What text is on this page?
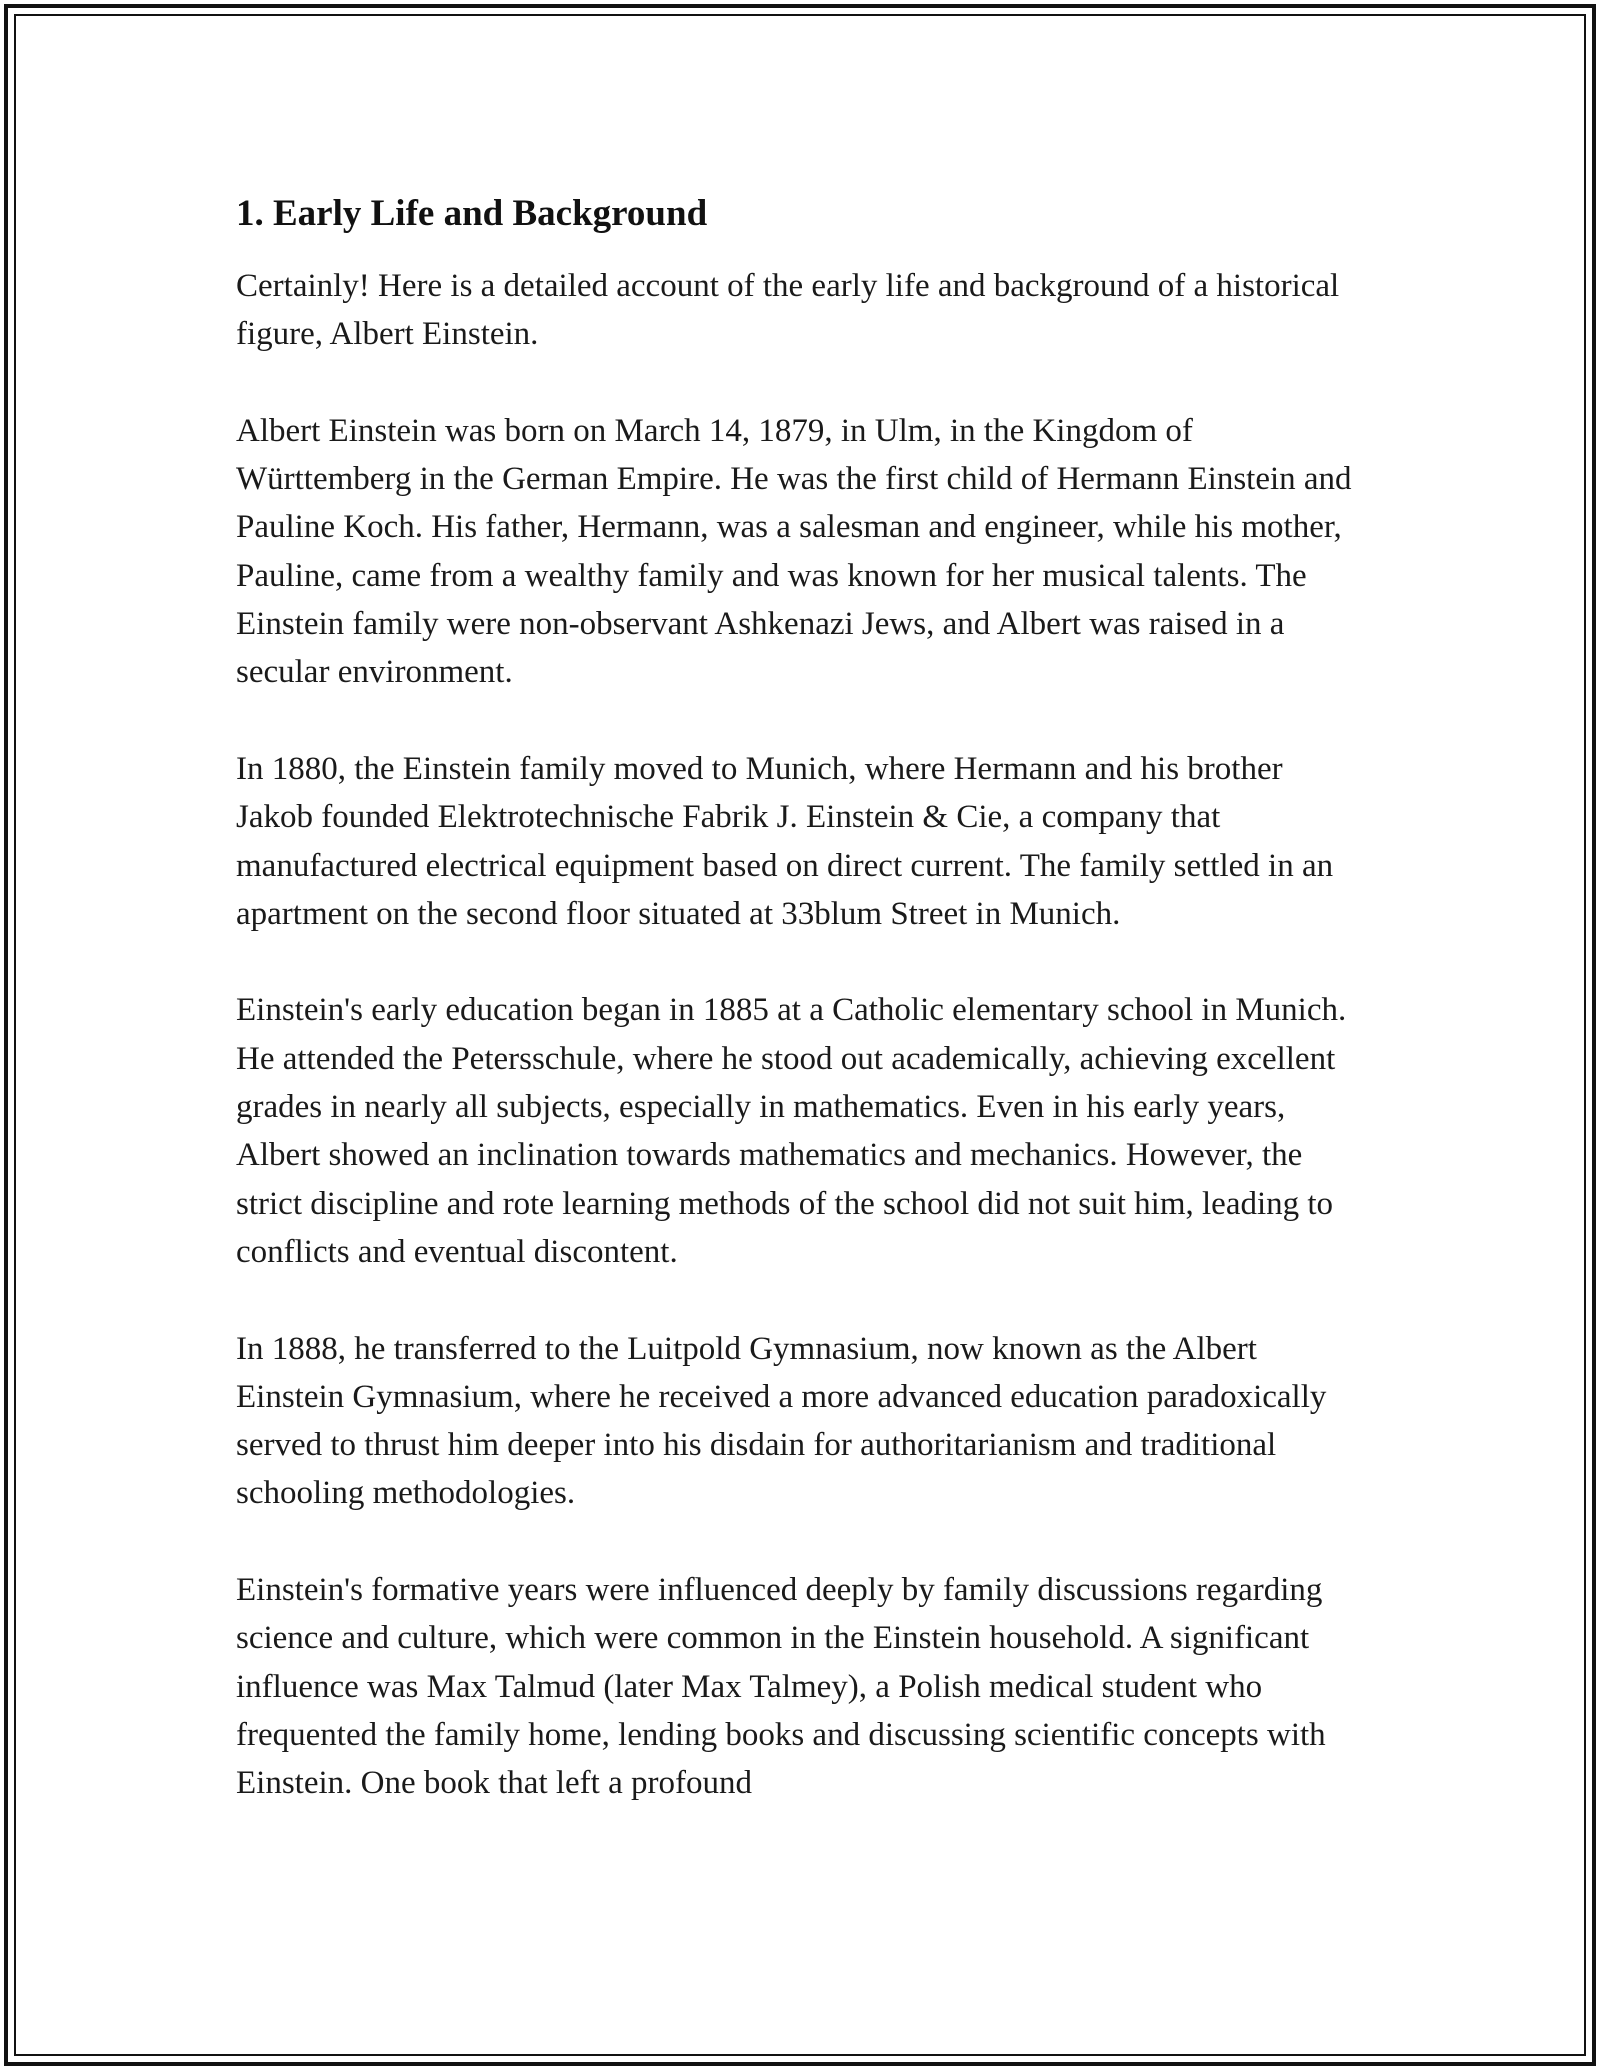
1. Early Life and Background

Certainly! Here is a detailed account of the early life and background of a historical figure, Albert Einstein.

Albert Einstein was born on March 14, 1879, in Ulm, in the Kingdom of Württemberg in the German Empire. He was the first child of Hermann Einstein and Pauline Koch. His father, Hermann, was a salesman and engineer, while his mother, Pauline, came from a wealthy family and was known for her musical talents. The Einstein family were non-observant Ashkenazi Jews, and Albert was raised in a secular environment.

In 1880, the Einstein family moved to Munich, where Hermann and his brother Jakob founded Elektrotechnische Fabrik J. Einstein & Cie, a company that manufactured electrical equipment based on direct current. The family settled in an apartment on the second floor situated at 33blum Street in Munich.

Einstein's early education began in 1885 at a Catholic elementary school in Munich. He attended the Petersschule, where he stood out academically, achieving excellent grades in nearly all subjects, especially in mathematics. Even in his early years, Albert showed an inclination towards mathematics and mechanics. However, the strict discipline and rote learning methods of the school did not suit him, leading to conflicts and eventual discontent.

In 1888, he transferred to the Luitpold Gymnasium, now known as the Albert Einstein Gymnasium, where he received a more advanced education paradoxically served to thrust him deeper into his disdain for authoritarianism and traditional schooling methodologies.

Einstein's formative years were influenced deeply by family discussions regarding science and culture, which were common in the Einstein household. A significant influence was Max Talmud (later Max Talmey), a Polish medical student who frequented the family home, lending books and discussing scientific concepts with Einstein. One book that left a profound
